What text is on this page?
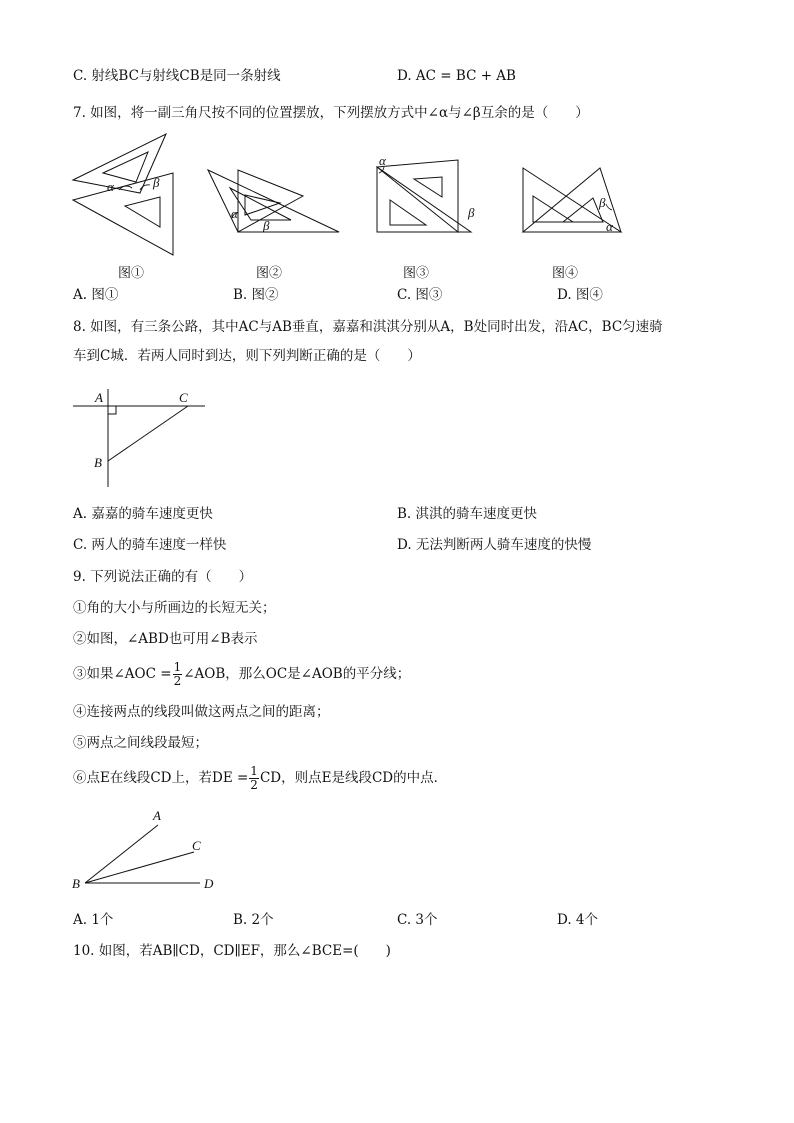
C. 射线BC与射线CB是同一条射线	D. AC = BC + AB
7. 如图，将一副三角尺按不同的位置摆放，下列摆放方式中∠α与∠β互余的是（　　）
α	β
α
β
α
β
β
α
图①	图②	图③	图④
A. 图①	B. 图②	C. 图③	D. 图④
8. 如图，有三条公路，其中AC与AB垂直，嘉嘉和淇淇分别从A，B处同时出发，沿AC，BC匀速骑
车到C城．若两人同时到达，则下列判断正确的是（　　）
A	C
B
A. 嘉嘉的骑车速度更快	B. 淇淇的骑车速度更快
C. 两人的骑车速度一样快	D. 无法判断两人骑车速度的快慢
9. 下列说法正确的有（　　）
①角的大小与所画边的长短无关；
②如图，∠ABD也可用∠B表示
③如果∠AOC = $\frac{1}{2}$ ∠AOB，那么OC是∠AOB的平分线；
④连接两点的线段叫做这两点之间的距离；
⑤两点之间线段最短；
⑥点E在线段CD上，若DE = $\frac{1}{2}$ CD，则点E是线段CD的中点．
A
C
B	D
A. 1个	B. 2个	C. 3个	D. 4个
10. 如图，若AB∥CD，CD∥EF，那么∠BCE=(　　)
